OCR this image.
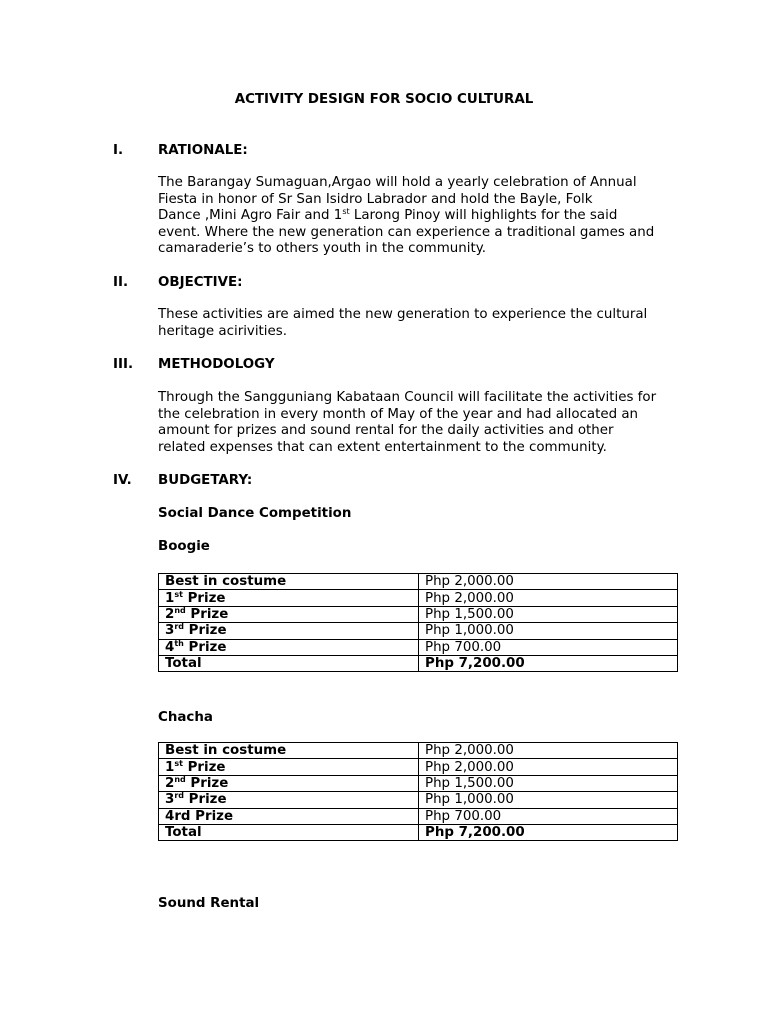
ACTIVITY DESIGN FOR SOCIO CULTURAL
I.	RATIONALE:
The Barangay Sumaguan,Argao will hold a yearly celebration of Annual
Fiesta in honor of Sr San Isidro Labrador and hold the Bayle, Folk
Dance ,Mini Agro Fair and 1st Larong Pinoy will highlights for the said
event. Where the new generation can experience a traditional games and
camaraderie’s to others youth in the community.
II. OBJECTIVE:
These activities are aimed the new generation to experience the cultural
heritage acirivities.
III. METHODOLOGY
Through the Sangguniang Kabataan Council will facilitate the activities for
the celebration in every month of May of the year and had allocated an
amount for prizes and sound rental for the daily activities and other
related expenses that can extent entertainment to the community.
IV. BUDGETARY:
Social Dance Competition
Boogie
Best in costume	Php 2,000.00
1st Prize	Php 2,000.00
2nd Prize	Php 1,500.00
3rd Prize	Php 1,000.00
4th Prize	Php 700.00
Total	Php 7,200.00
Chacha
Best in costume	Php 2,000.00
1st Prize	Php 2,000.00
2nd Prize	Php 1,500.00
3rd Prize	Php 1,000.00
4rd Prize	Php 700.00
Total	Php 7,200.00
Sound Rental
